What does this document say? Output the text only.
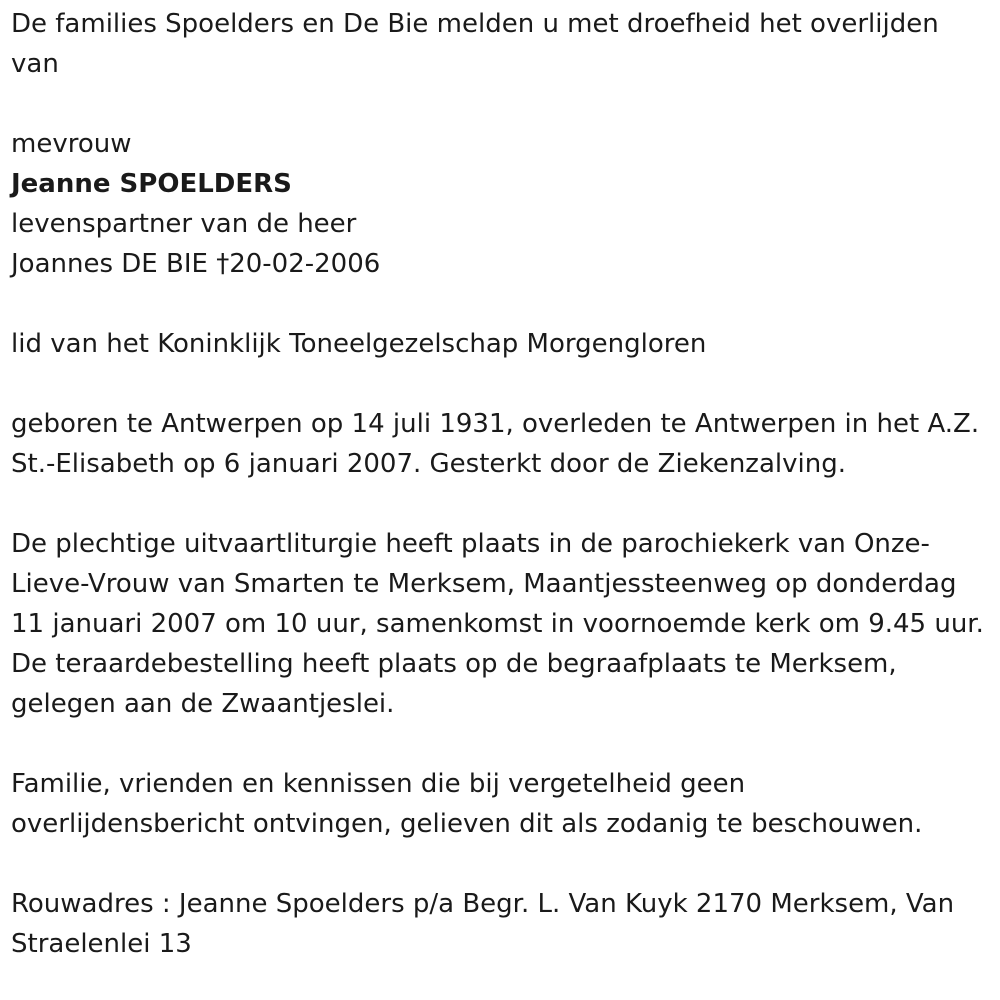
De families Spoelders en De Bie melden u met droefheid het overlijden van

mevrouw
Jeanne SPOELDERS
levenspartner van de heer
Joannes DE BIE †20-02-2006

lid van het Koninklijk Toneelgezelschap Morgengloren

geboren te Antwerpen op 14 juli 1931, overleden te Antwerpen in het A.Z. St.-Elisabeth op 6 januari 2007. Gesterkt door de Ziekenzalving.

De plechtige uitvaartliturgie heeft plaats in de parochiekerk van Onze-Lieve-Vrouw van Smarten te Merksem, Maantjessteenweg op donderdag 11 januari 2007 om 10 uur, samenkomst in voornoemde kerk om 9.45 uur. De teraardebestelling heeft plaats op de begraafplaats te Merksem, gelegen aan de Zwaantjeslei.

Familie, vrienden en kennissen die bij vergetelheid geen overlijdensbericht ontvingen, gelieven dit als zodanig te beschouwen.

Rouwadres : Jeanne Spoelders p/a Begr. L. Van Kuyk 2170 Merksem, Van Straelenlei 13
